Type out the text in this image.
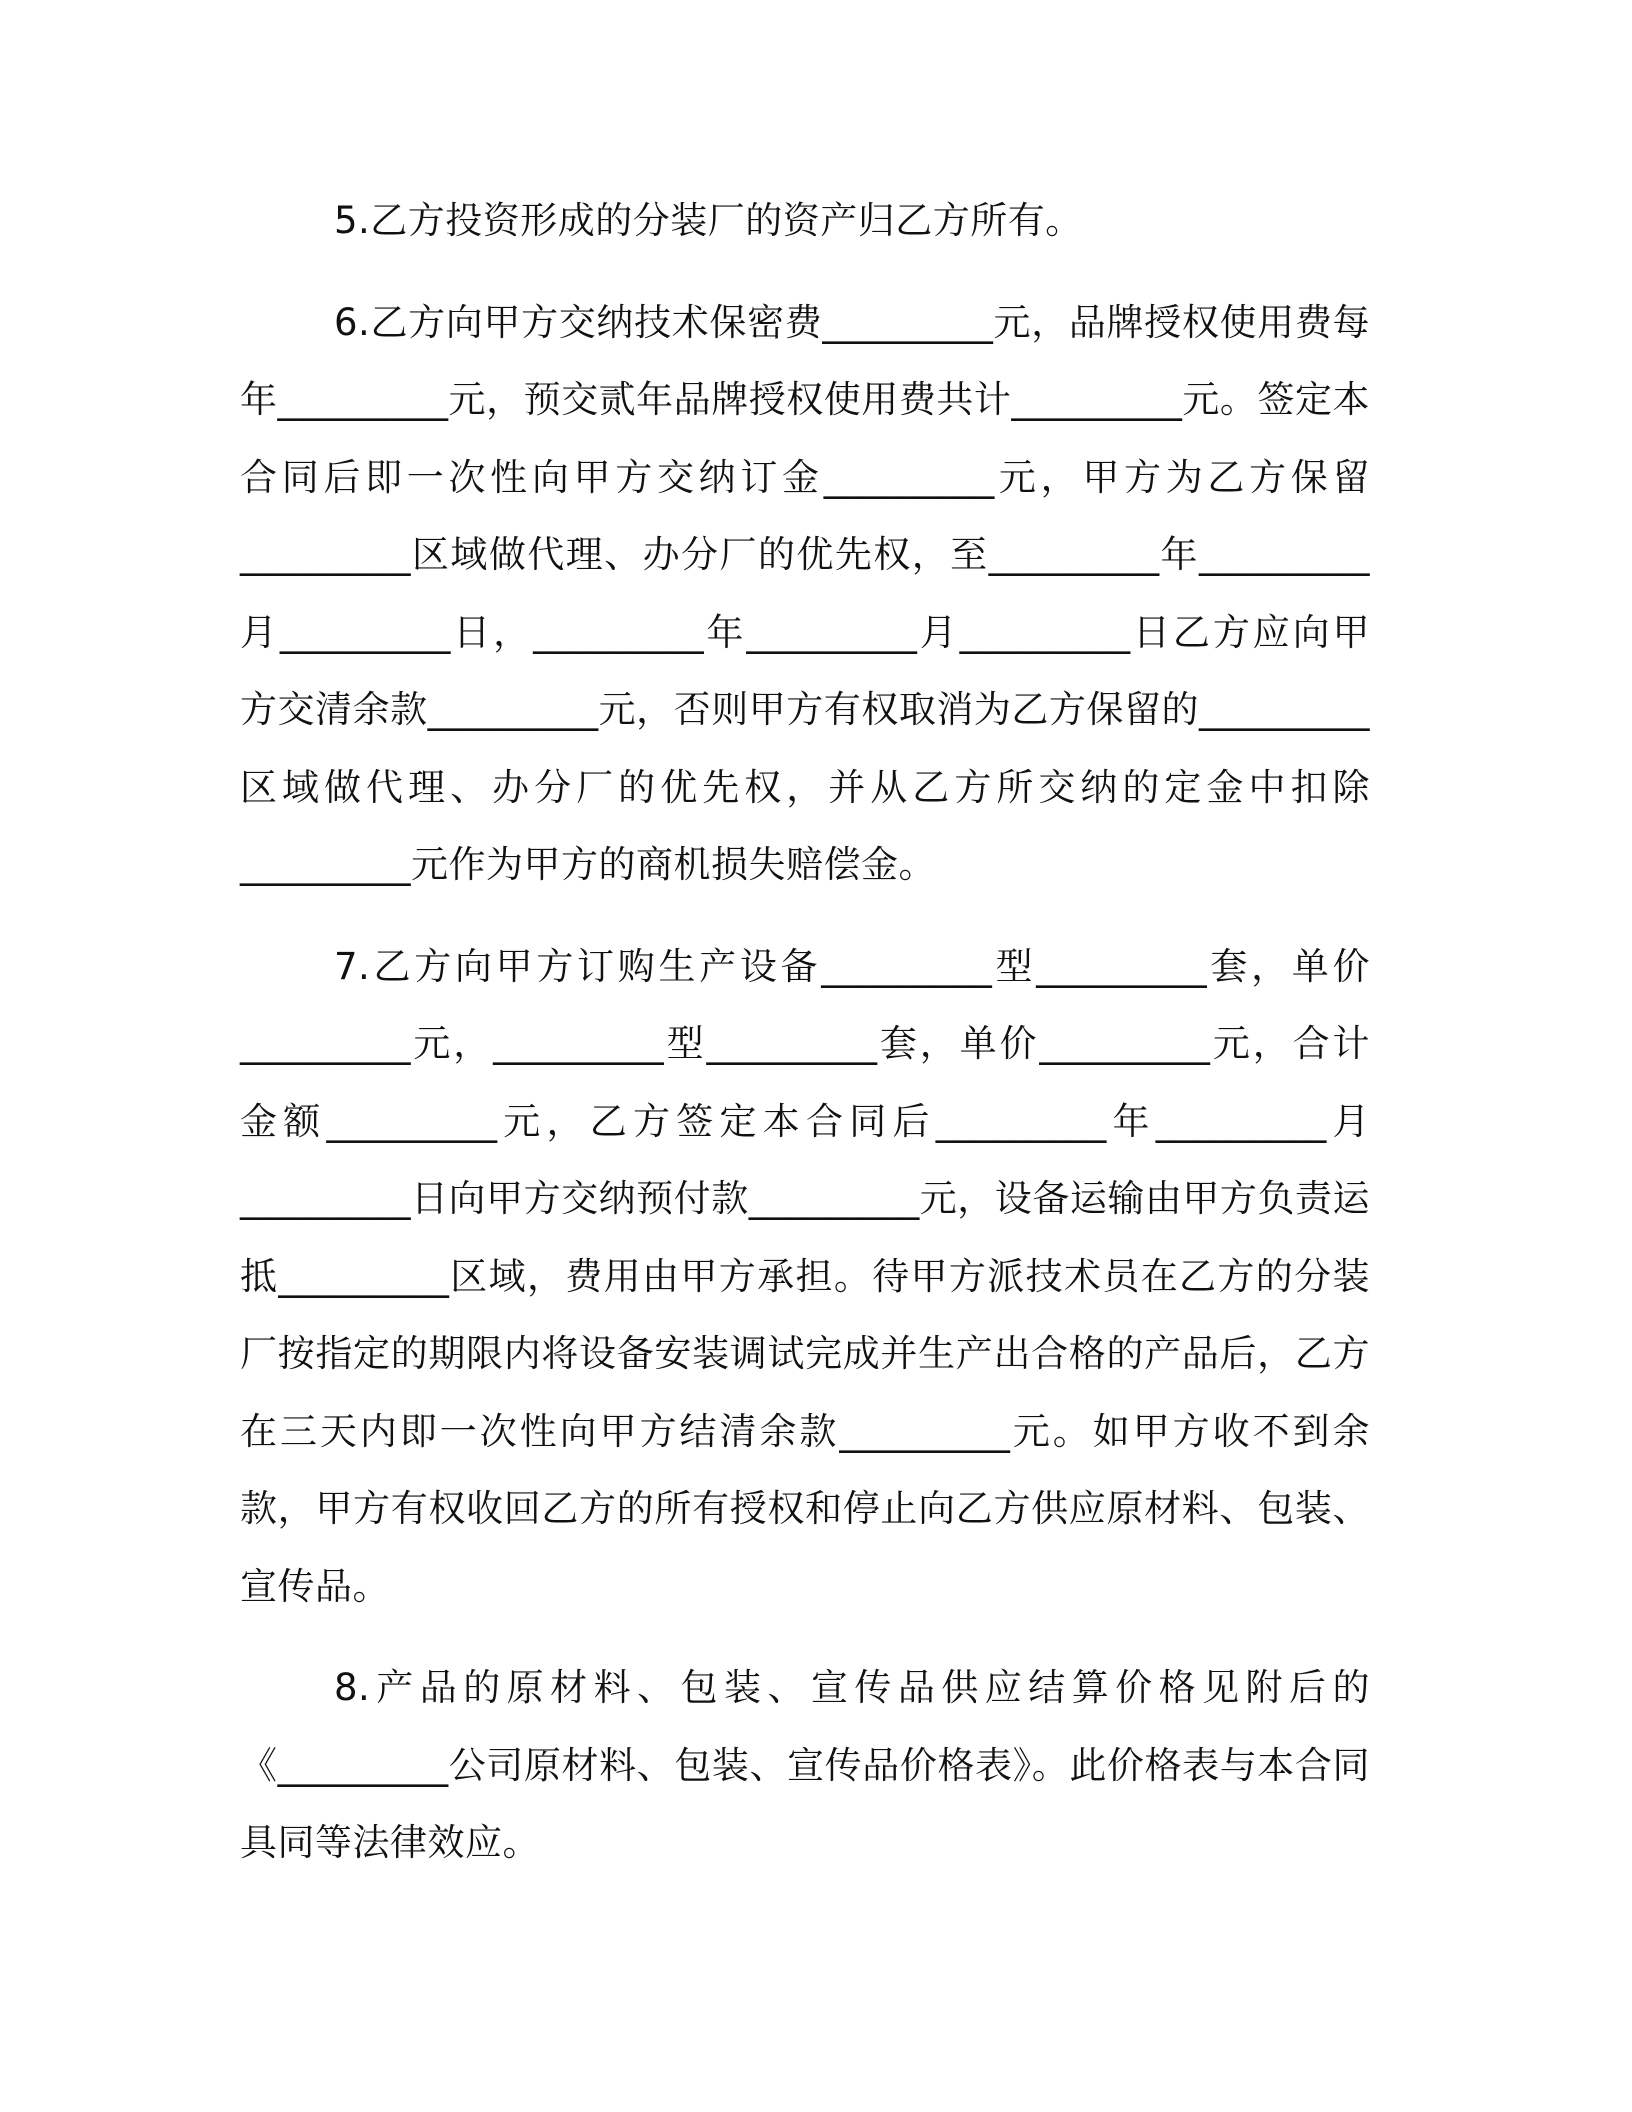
5.乙方投资形成的分装厂的资产归乙方所有。

6.乙方向甲方交纳技术保密费_________元，品牌授权使用费每年_________元，预交贰年品牌授权使用费共计_________元。签定本合同后即一次性向甲方交纳订金_________元，甲方为乙方保留_________区域做代理、办分厂的优先权，至_________年_________月_________日，_________年_________月_________日乙方应向甲方交清余款_________元，否则甲方有权取消为乙方保留的_________区域做代理、办分厂的优先权，并从乙方所交纳的定金中扣除_________元作为甲方的商机损失赔偿金。

7.乙方向甲方订购生产设备_________型_________套，单价_________元，_________型_________套，单价_________元，合计金额_________元，乙方签定本合同后_________年_________月_________日向甲方交纳预付款_________元，设备运输由甲方负责运抵_________区域，费用由甲方承担。待甲方派技术员在乙方的分装厂按指定的期限内将设备安装调试完成并生产出合格的产品后，乙方在三天内即一次性向甲方结清余款_________元。如甲方收不到余款，甲方有权收回乙方的所有授权和停止向乙方供应原材料、包装、宣传品。

8.产品的原材料、包装、宣传品供应结算价格见附后的《_________公司原材料、包装、宣传品价格表》。此价格表与本合同具同等法律效应。
